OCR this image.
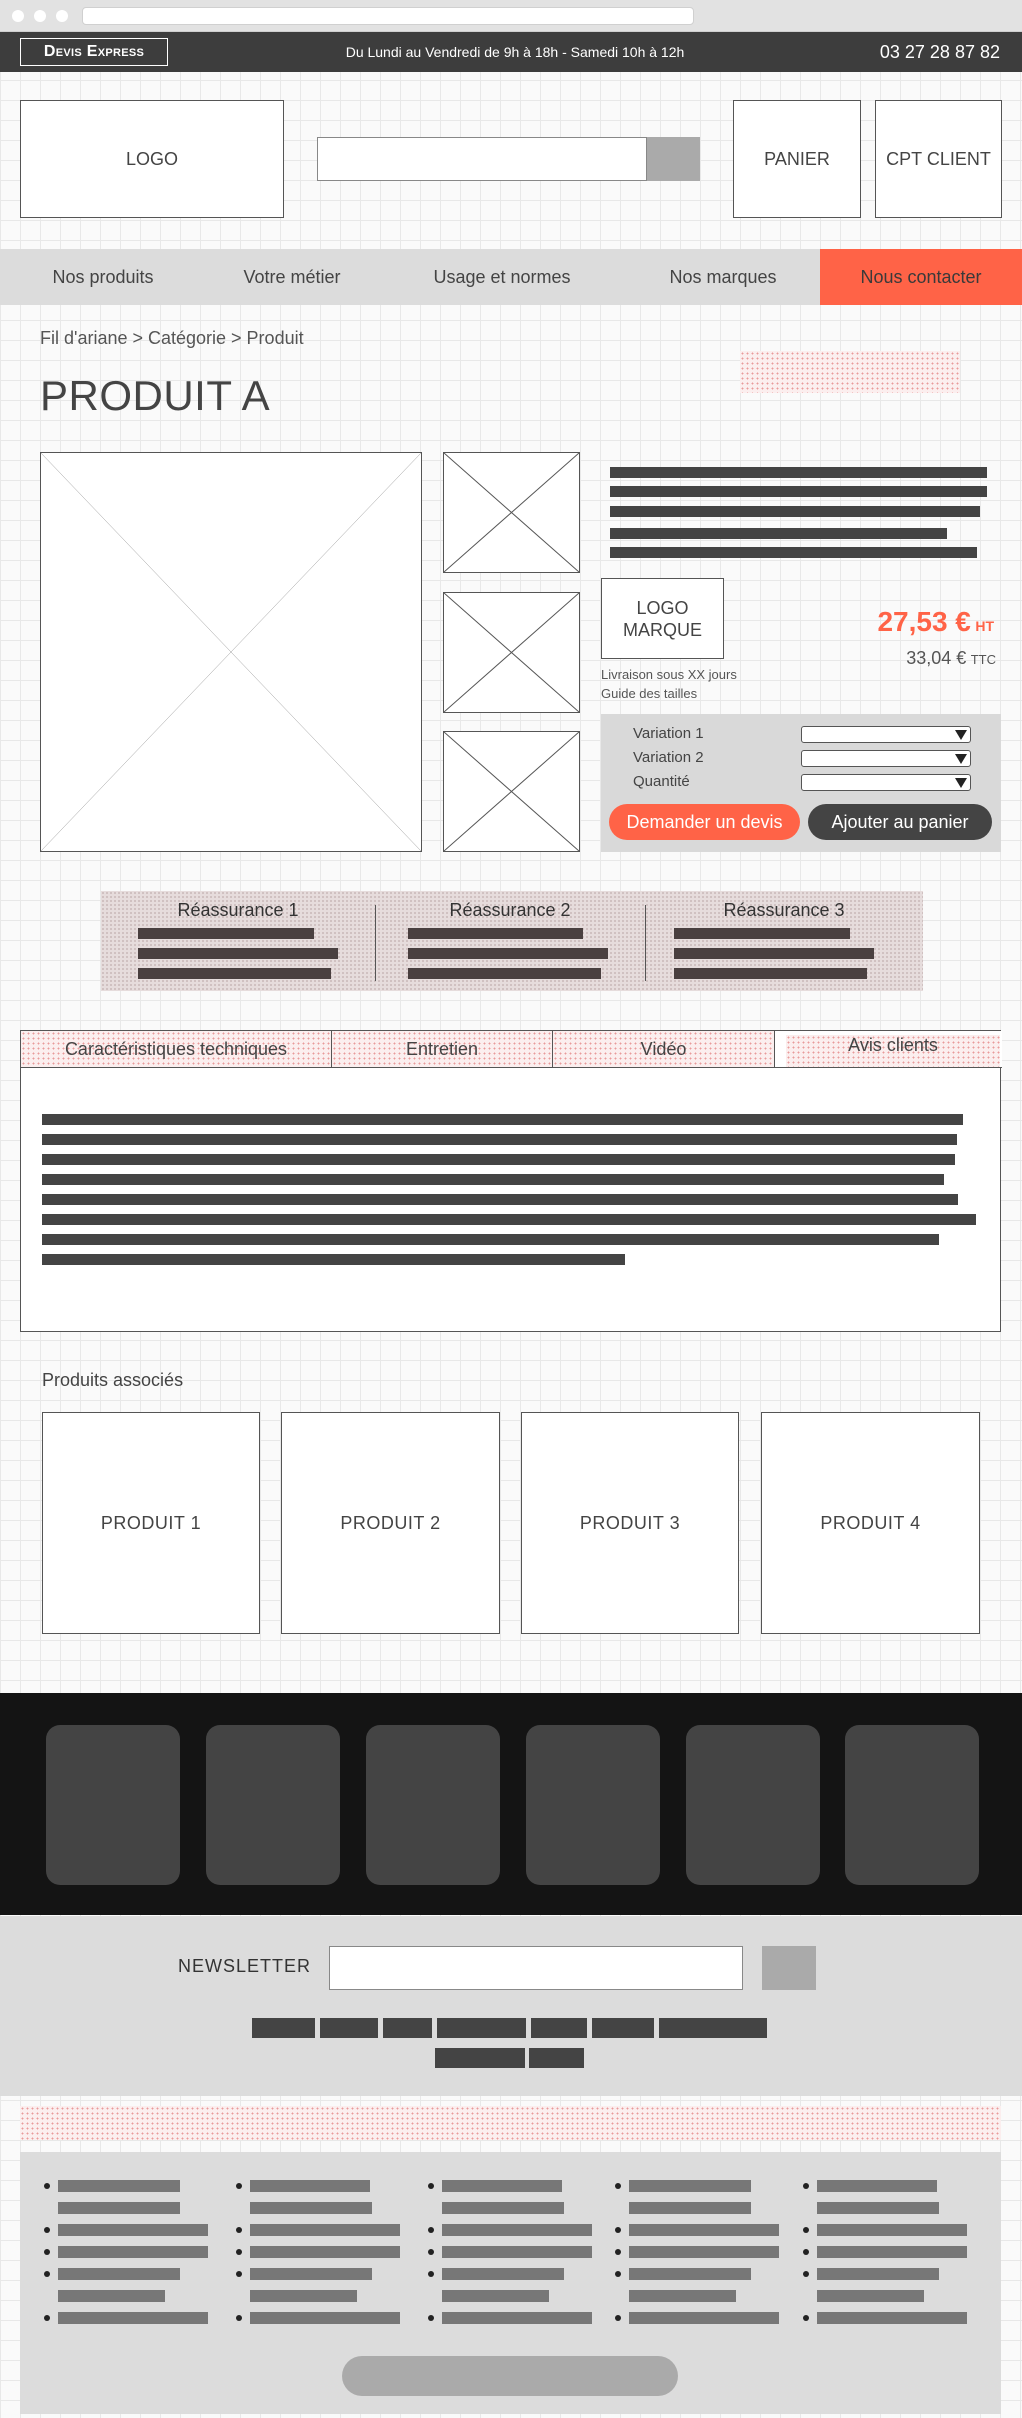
Devis Express	Du Lundi au Vendredi de 9h à 18h - Samedi 10h à 12h	03 27 28 87 82
LOGO	PANIER	CPT CLIENT
Nos produits	Votre métier	Usage et normes	Nos marques	Nous contacter
Fil d'ariane > Catégorie > Produit
PRODUIT A
LOGO MARQUE
Livraison sous XX jours
Guide des tailles
27,53 € HT
33,04 € TTC
Variation 1
Variation 2
Quantité
Demander un devis	Ajouter au panier
Réassurance 1	Réassurance 2	Réassurance 3
Caractéristiques techniques	Entretien	Vidéo	Avis clients
Produits associés
PRODUIT 1	PRODUIT 2	PRODUIT 3	PRODUIT 4
NEWSLETTER
